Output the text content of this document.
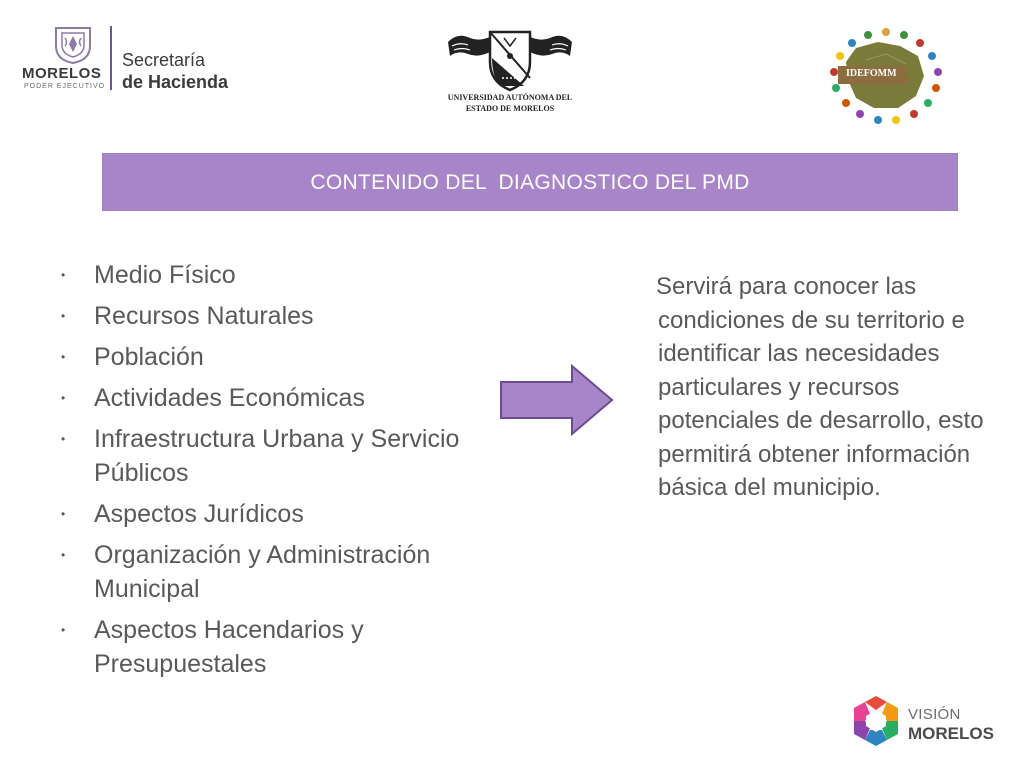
MORELOS
PODER EJECUTIVO
Secretaría
de Hacienda
UNIVERSIDAD AUTÓNOMA DEL
ESTADO DE MORELOS
IDEFOMM
CONTENIDO DEL  DIAGNOSTICO DEL PMD
• Medio Físico
• Recursos Naturales
• Población
• Actividades Económicas
• Infraestructura Urbana y Servicio Públicos
• Aspectos Jurídicos
• Organización y Administración Municipal
• Aspectos Hacendarios y Presupuestales
Servirá para conocer las
condiciones de su territorio e identificar las necesidades particulares y recursos potenciales de desarrollo, esto permitirá obtener información básica del municipio.
VISIÓN
MORELOS
